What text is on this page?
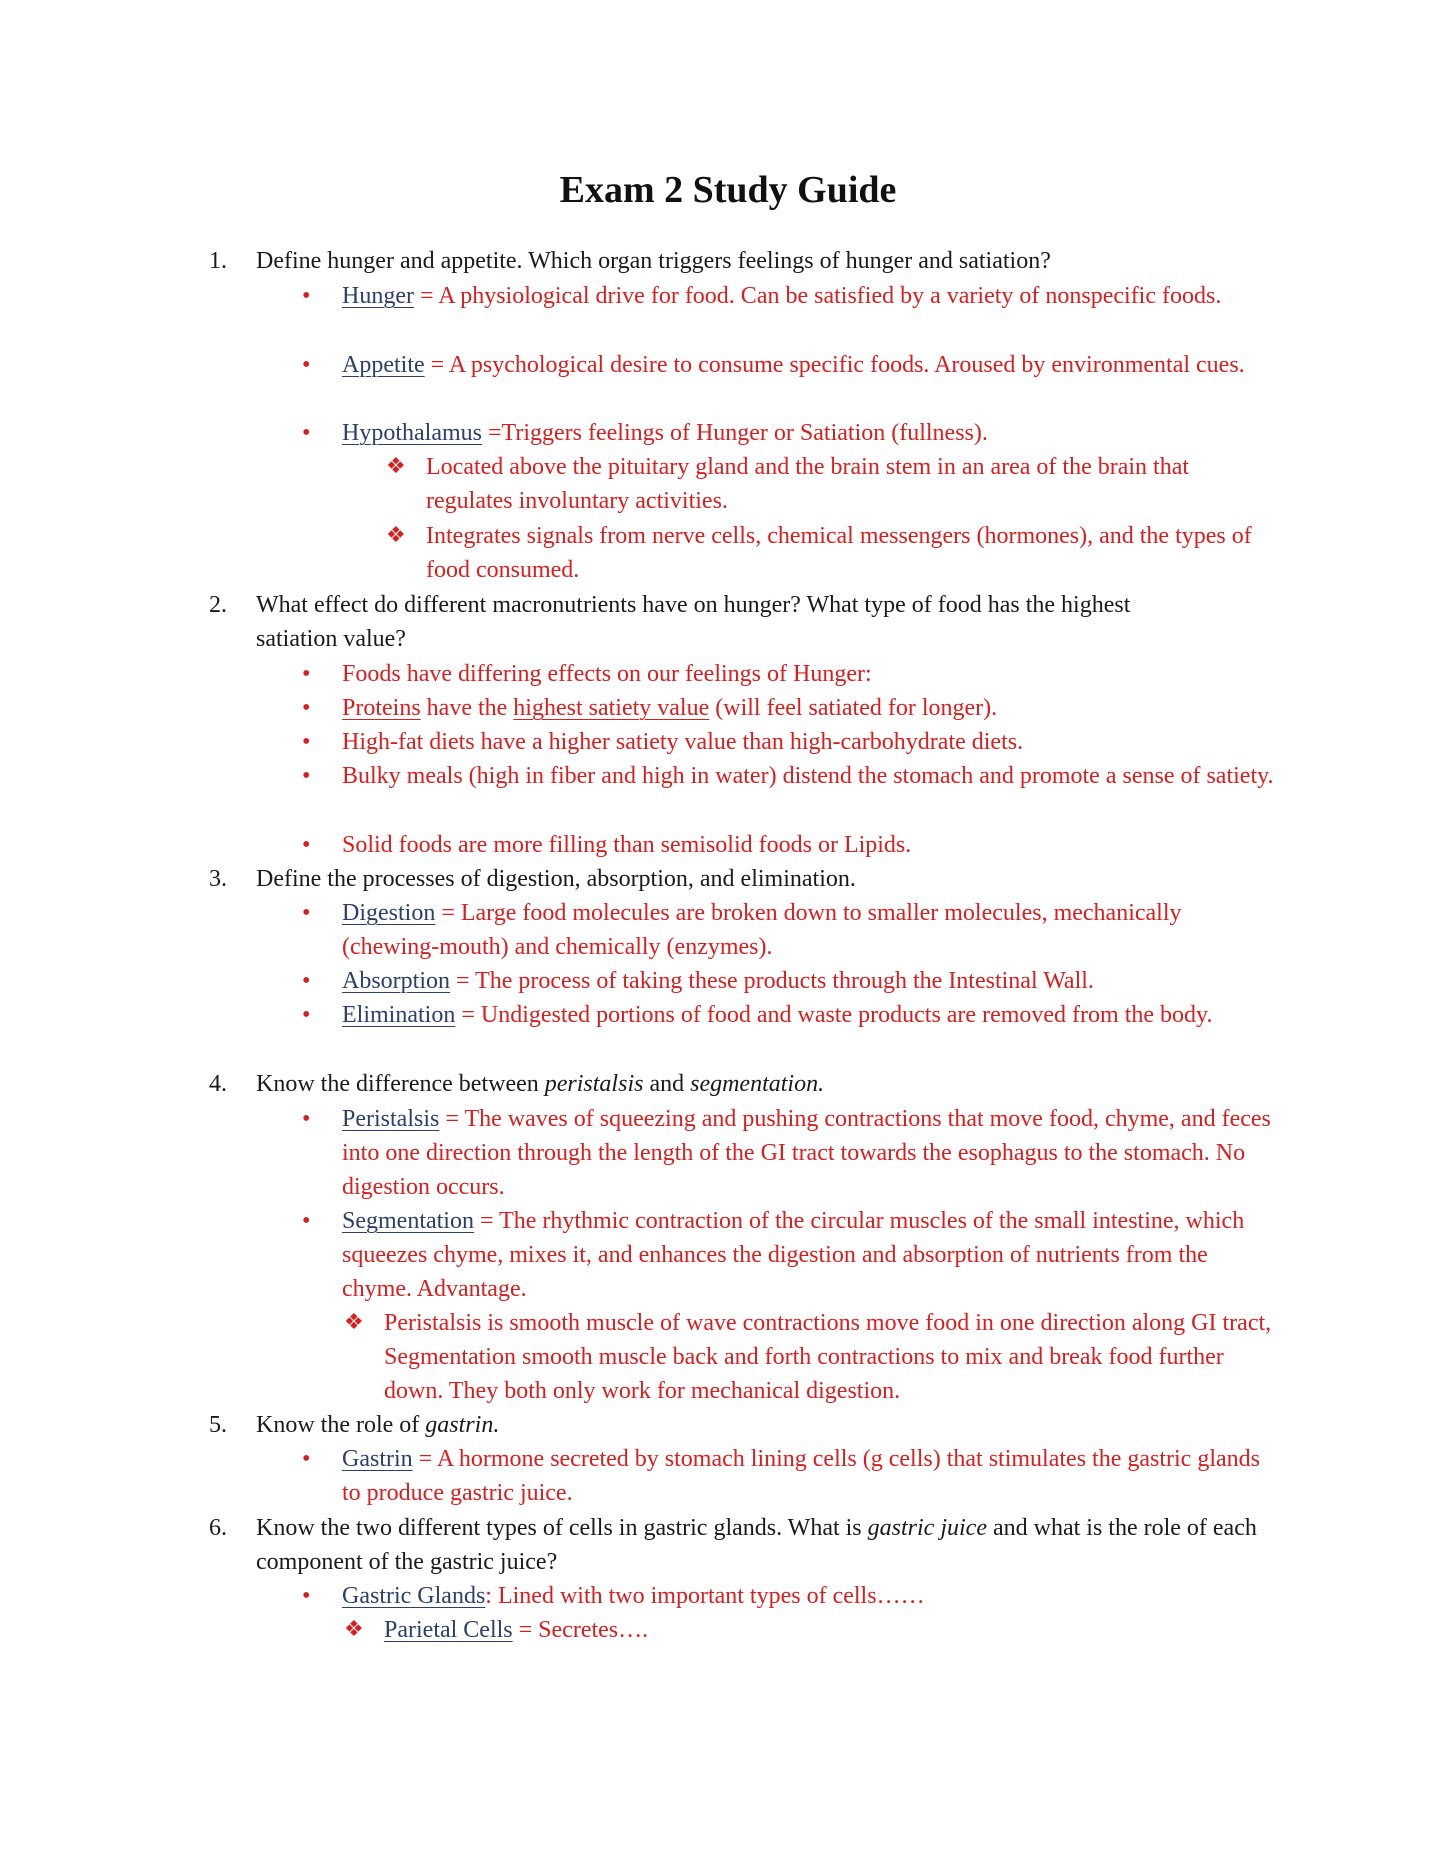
Exam 2 Study Guide
1. Define hunger and appetite. Which organ triggers feelings of hunger and satiation?
• Hunger = A physiological drive for food. Can be satisfied by a variety of nonspecific foods.
• Appetite = A psychological desire to consume specific foods. Aroused by environmental cues.
• Hypothalamus =Triggers feelings of Hunger or Satiation (fullness).
❖ Located above the pituitary gland and the brain stem in an area of the brain that regulates involuntary activities.
❖ Integrates signals from nerve cells, chemical messengers (hormones), and the types of food consumed.
2. What effect do different macronutrients have on hunger? What type of food has the highest satiation value?
• Foods have differing effects on our feelings of Hunger:
• Proteins have the highest satiety value (will feel satiated for longer).
• High-fat diets have a higher satiety value than high-carbohydrate diets.
• Bulky meals (high in fiber and high in water) distend the stomach and promote a sense of satiety.
• Solid foods are more filling than semisolid foods or Lipids.
3. Define the processes of digestion, absorption, and elimination.
• Digestion = Large food molecules are broken down to smaller molecules, mechanically (chewing-mouth) and chemically (enzymes).
• Absorption = The process of taking these products through the Intestinal Wall.
• Elimination = Undigested portions of food and waste products are removed from the body.
4. Know the difference between peristalsis and segmentation.
• Peristalsis = The waves of squeezing and pushing contractions that move food, chyme, and feces into one direction through the length of the GI tract towards the esophagus to the stomach. No digestion occurs.
• Segmentation = The rhythmic contraction of the circular muscles of the small intestine, which squeezes chyme, mixes it, and enhances the digestion and absorption of nutrients from the chyme. Advantage.
❖ Peristalsis is smooth muscle of wave contractions move food in one direction along GI tract, Segmentation smooth muscle back and forth contractions to mix and break food further down. They both only work for mechanical digestion.
5. Know the role of gastrin.
• Gastrin = A hormone secreted by stomach lining cells (g cells) that stimulates the gastric glands to produce gastric juice.
6. Know the two different types of cells in gastric glands. What is gastric juice and what is the role of each component of the gastric juice?
• Gastric Glands: Lined with two important types of cells……
❖ Parietal Cells = Secretes….
